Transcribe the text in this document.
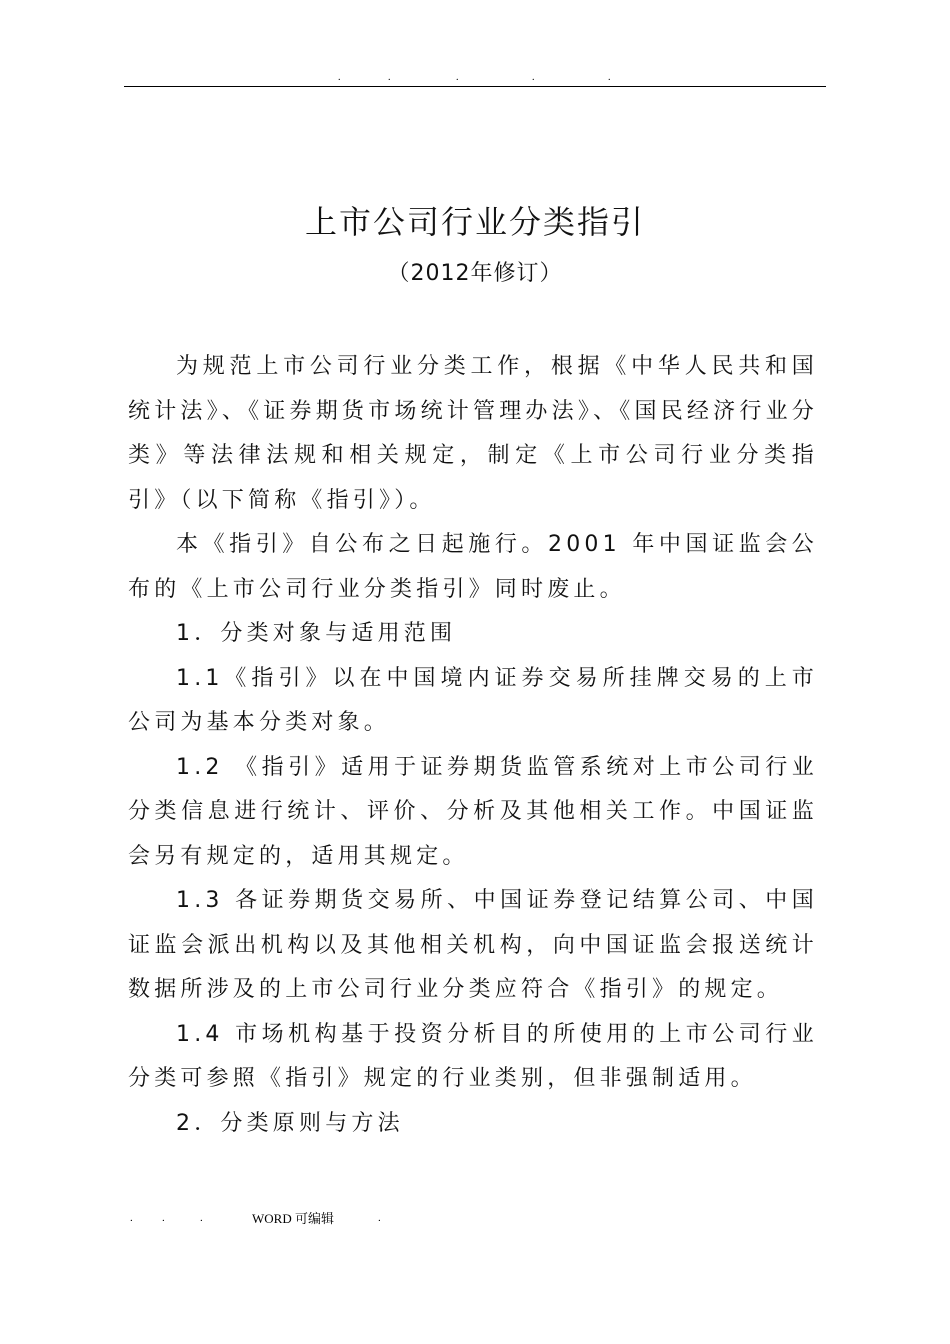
.	.	.	.	.
上市公司行业分类指引
（2012年修订）

为规范上市公司行业分类工作，根据《中华人民共和国统计法》、《证券期货市场统计管理办法》、《国民经济行业分类》等法律法规和相关规定，制定《上市公司行业分类指引》（以下简称《指引》）。

本《指引》自公布之日起施行。2001 年中国证监会公布的《上市公司行业分类指引》同时废止。

1．分类对象与适用范围

1.1《指引》以在中国境内证券交易所挂牌交易的上市公司为基本分类对象。

1.2 《指引》适用于证券期货监管系统对上市公司行业分类信息进行统计、评价、分析及其他相关工作。中国证监会另有规定的，适用其规定。

1.3 各证券期货交易所、中国证券登记结算公司、中国证监会派出机构以及其他相关机构，向中国证监会报送统计数据所涉及的上市公司行业分类应符合《指引》的规定。

1.4 市场机构基于投资分析目的所使用的上市公司行业分类可参照《指引》规定的行业类别，但非强制适用。

2．分类原则与方法

.	.	.	WORD 可编辑	.
